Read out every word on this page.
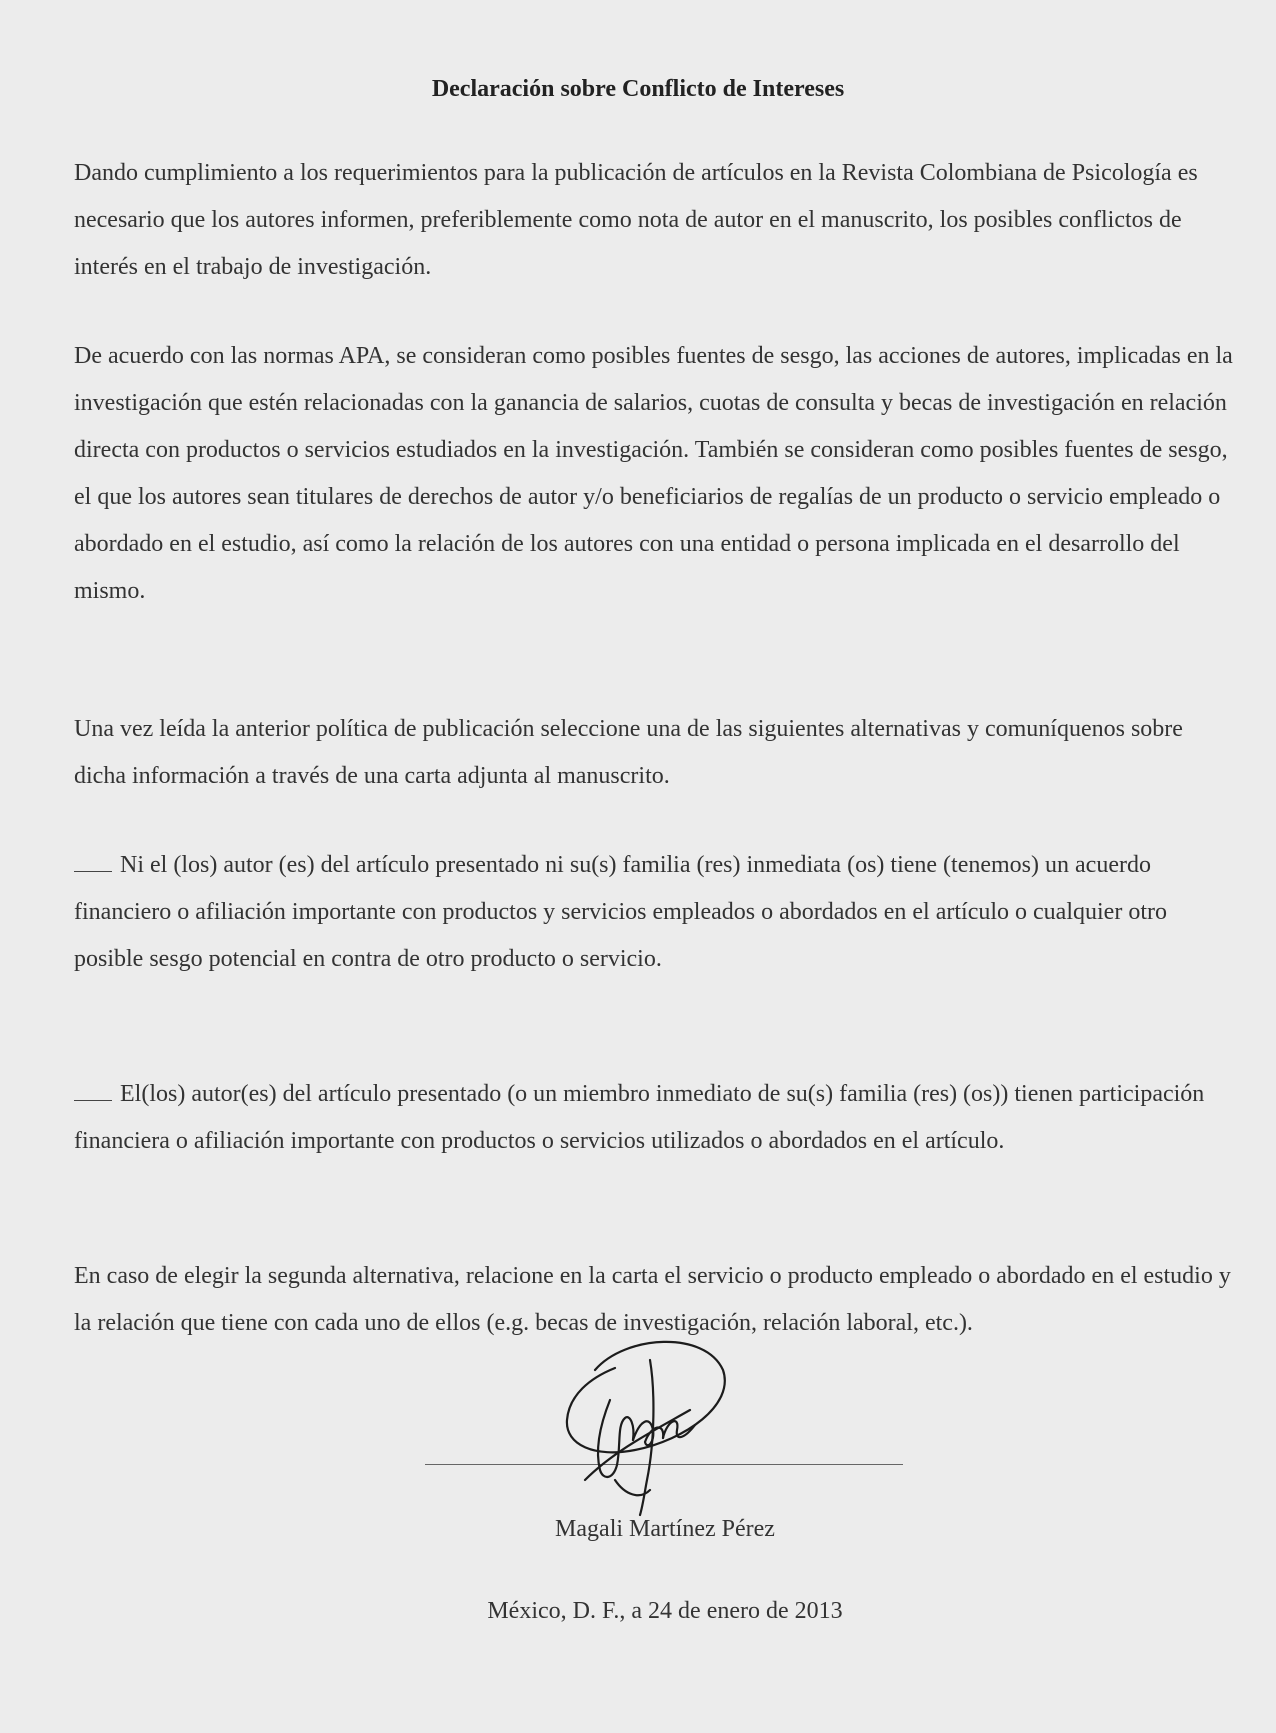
Declaración sobre Conflicto de Intereses
Dando cumplimiento a los requerimientos para la publicación de artículos en la Revista Colombiana de Psicología es necesario que los autores informen, preferiblemente como nota de autor en el manuscrito, los posibles conflictos de interés en el trabajo de investigación.
De acuerdo con las normas APA, se consideran como posibles fuentes de sesgo, las acciones de autores, implicadas en la investigación que estén relacionadas con la ganancia de salarios, cuotas de consulta y becas de investigación en relación directa con productos o servicios estudiados en la investigación. También se consideran como posibles fuentes de sesgo, el que los autores sean titulares de derechos de autor y/o beneficiarios de regalías de un producto o servicio empleado o abordado en el estudio, así como la relación de los autores con una entidad o persona implicada en el desarrollo del mismo.
Una vez leída la anterior política de publicación seleccione una de las siguientes alternativas y comuníquenos sobre dicha información a través de una carta adjunta al manuscrito.
Ni el (los) autor (es) del artículo presentado ni su(s) familia (res) inmediata (os) tiene (tenemos) un acuerdo financiero o afiliación importante con productos y servicios empleados o abordados en el artículo o cualquier otro posible sesgo potencial en contra de otro producto o servicio.
El(los) autor(es) del artículo presentado (o un miembro inmediato de su(s) familia (res) (os)) tienen participación financiera o afiliación importante con productos o servicios utilizados o abordados en el artículo.
En caso de elegir la segunda alternativa, relacione en la carta el servicio o producto empleado o abordado en el estudio y la relación que tiene con cada uno de ellos (e.g. becas de investigación, relación laboral, etc.).
Magali Martínez Pérez
México, D. F., a 24 de enero de 2013
